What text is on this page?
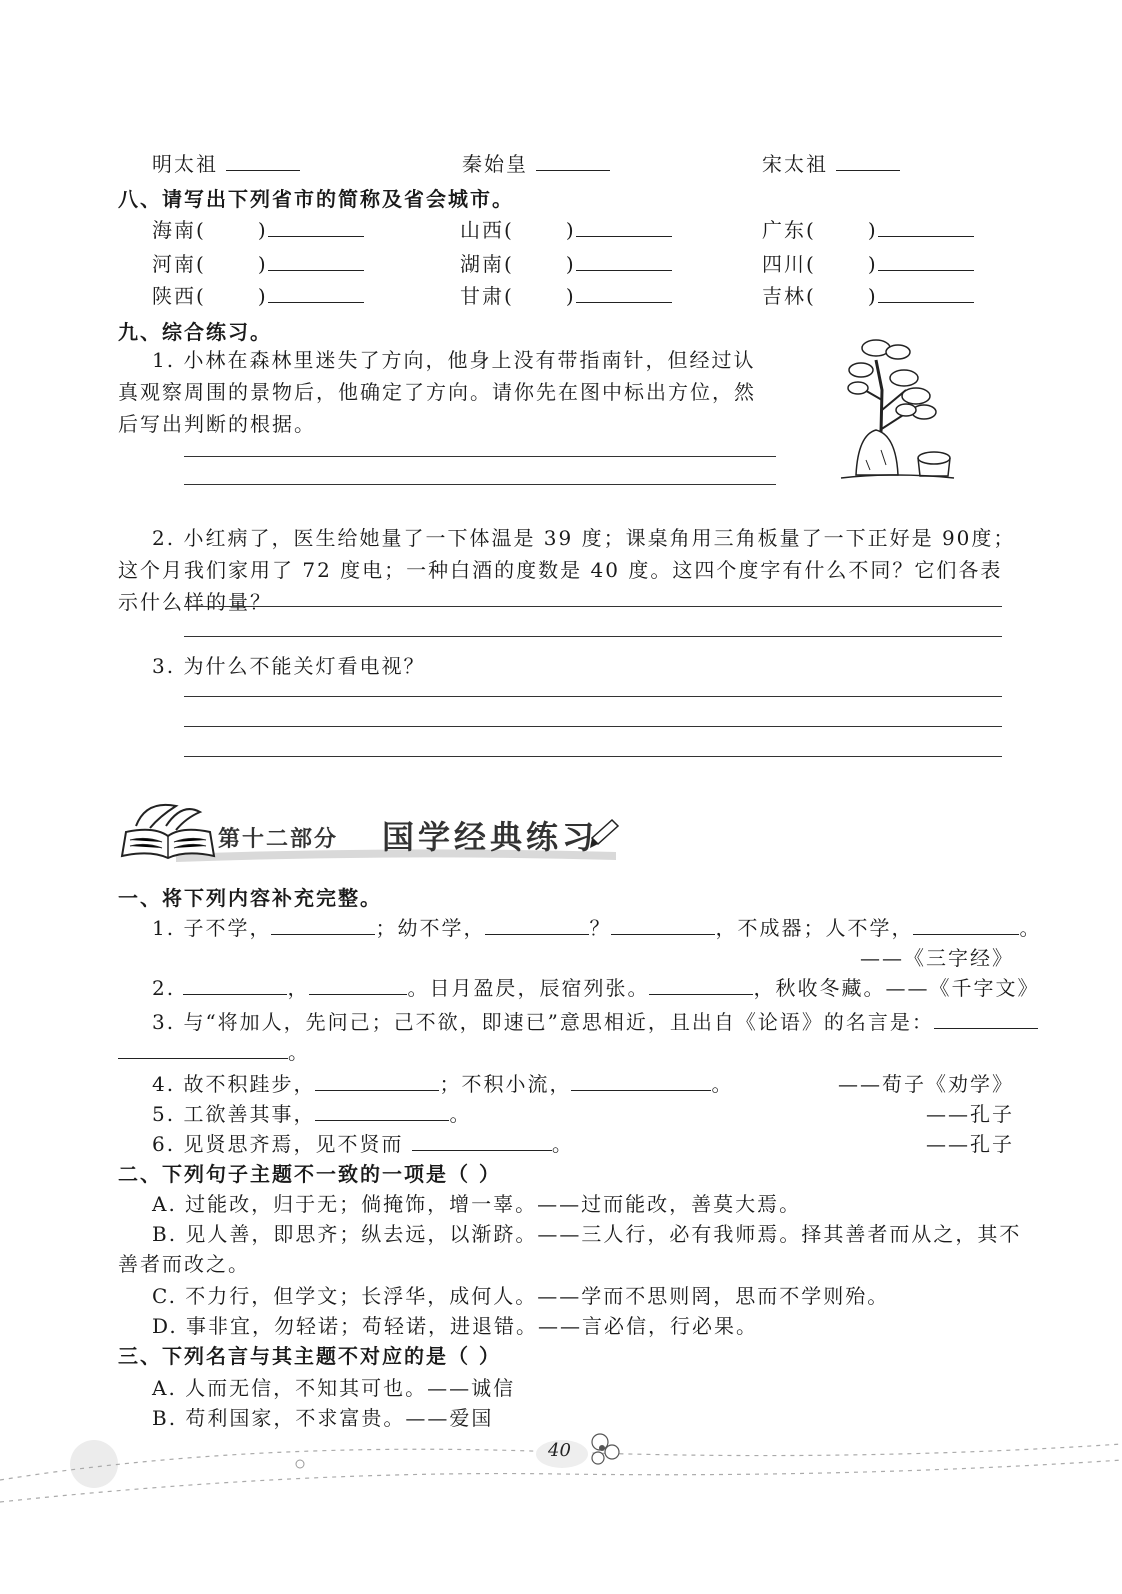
明太祖	秦始皇	宋太祖
八、请写出下列省市的简称及省会城市。
海南(	)	山西(	)	广东(	)
河南(	)	湖南(	)	四川(	)
陕西(	)	甘肃(	)	吉林(	)
九、综合练习。
1. 小林在森林里迷失了方向，他身上没有带指南针，但经过认
真观察周围的景物后，他确定了方向。请你先在图中标出方位，然
后写出判断的根据。
2. 小红病了，医生给她量了一下体温是 39 度；课桌角用三角板量了一下正好是 90度；
这个月我们家用了 72 度电；一种白酒的度数是 40 度。这四个度字有什么不同？它们各表
示什么样的量？
3. 为什么不能关灯看电视？
第十二部分 国学经典练习
一、将下列内容补充完整。
1. 子不学，	；幼不学，	？	，不成器；人不学，	。
——《三字经》
2.	，	。日月盈昃，辰宿列张。	，秋收冬藏。——《千字文》
3. 与“将加人，先问己；己不欲，即速已”意思相近，且出自《论语》的名言是：
。
4. 故不积跬步，	；不积小流，	。	——荀子《劝学》
5. 工欲善其事，	。	——孔子
6. 见贤思齐焉，见不贤而	。	——孔子
二、下列句子主题不一致的一项是（ ）
A. 过能改，归于无；倘掩饰，增一辜。——过而能改，善莫大焉。
B. 见人善，即思齐；纵去远，以渐跻。——三人行，必有我师焉。择其善者而从之，其不
善者而改之。
C. 不力行，但学文；长浮华，成何人。——学而不思则罔，思而不学则殆。
D. 事非宜，勿轻诺；苟轻诺，进退错。——言必信，行必果。
三、下列名言与其主题不对应的是（ ）
A. 人而无信，不知其可也。——诚信
B. 苟利国家，不求富贵。——爱国
40
